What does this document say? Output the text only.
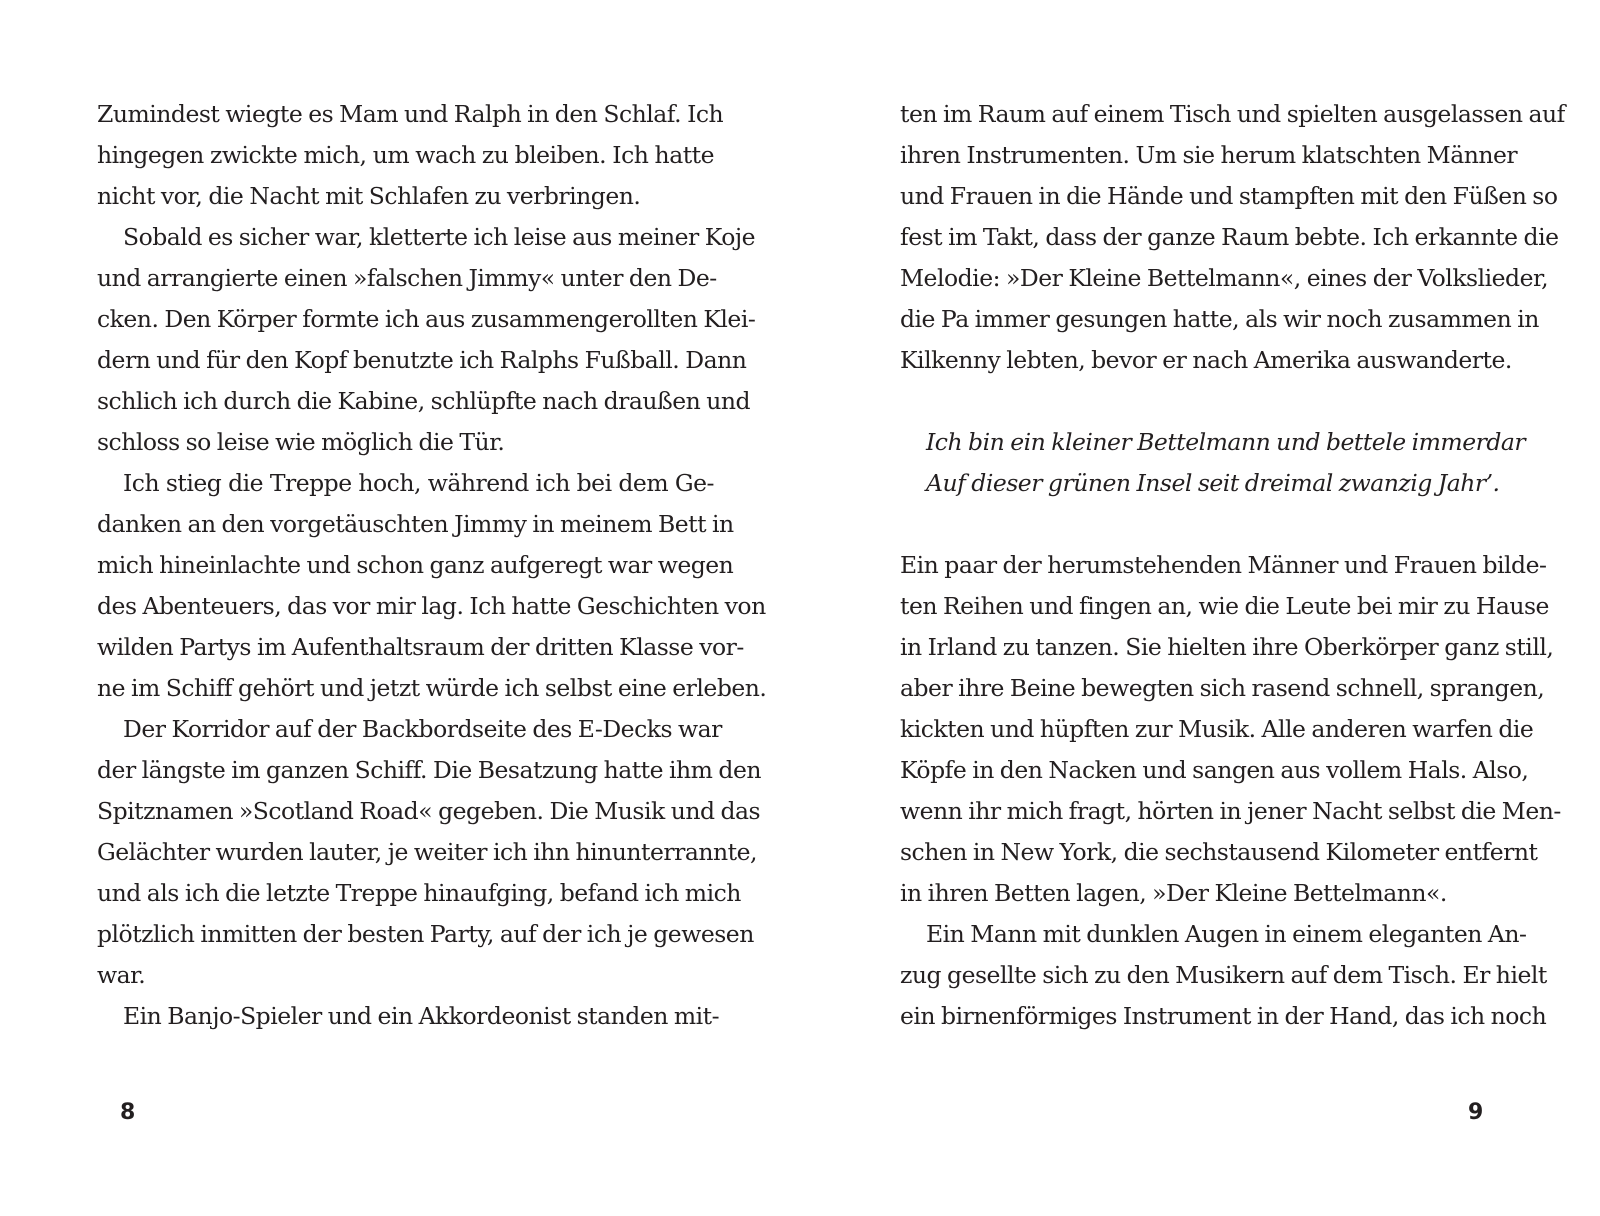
Zumindest wiegte es Mam und Ralph in den Schlaf. Ich
hingegen zwickte mich, um wach zu bleiben. Ich hatte
nicht vor, die Nacht mit Schlafen zu verbringen.
Sobald es sicher war, kletterte ich leise aus meiner Koje
und arrangierte einen »falschen Jimmy« unter den De-
cken. Den Körper formte ich aus zusammengerollten Klei-
dern und für den Kopf benutzte ich Ralphs Fußball. Dann
schlich ich durch die Kabine, schlüpfte nach draußen und
schloss so leise wie möglich die Tür.
Ich stieg die Treppe hoch, während ich bei dem Ge-
danken an den vorgetäuschten Jimmy in meinem Bett in
mich hineinlachte und schon ganz aufgeregt war wegen
des Abenteuers, das vor mir lag. Ich hatte Geschichten von
wilden Partys im Aufenthaltsraum der dritten Klasse vor-
ne im Schiff gehört und jetzt würde ich selbst eine erleben.
Der Korridor auf der Backbordseite des E-Decks war
der längste im ganzen Schiff. Die Besatzung hatte ihm den
Spitznamen »Scotland Road« gegeben. Die Musik und das
Gelächter wurden lauter, je weiter ich ihn hinunterrannte,
und als ich die letzte Treppe hinaufging, befand ich mich
plötzlich inmitten der besten Party, auf der ich je gewesen
war.
Ein Banjo-Spieler und ein Akkordeonist standen mit-
8
ten im Raum auf einem Tisch und spielten ausgelassen auf
ihren Instrumenten. Um sie herum klatschten Männer
und Frauen in die Hände und stampften mit den Füßen so
fest im Takt, dass der ganze Raum bebte. Ich erkannte die
Melodie: »Der Kleine Bettelmann«, eines der Volkslieder,
die Pa immer gesungen hatte, als wir noch zusammen in
Kilkenny lebten, bevor er nach Amerika auswanderte.
Ich bin ein kleiner Bettelmann und bettele immerdar
Auf dieser grünen Insel seit dreimal zwanzig Jahr’.
Ein paar der herumstehenden Männer und Frauen bilde-
ten Reihen und fingen an, wie die Leute bei mir zu Hause
in Irland zu tanzen. Sie hielten ihre Oberkörper ganz still,
aber ihre Beine bewegten sich rasend schnell, sprangen,
kickten und hüpften zur Musik. Alle anderen warfen die
Köpfe in den Nacken und sangen aus vollem Hals. Also,
wenn ihr mich fragt, hörten in jener Nacht selbst die Men-
schen in New York, die sechstausend Kilometer entfernt
in ihren Betten lagen, »Der Kleine Bettelmann«.
Ein Mann mit dunklen Augen in einem eleganten An-
zug gesellte sich zu den Musikern auf dem Tisch. Er hielt
ein birnenförmiges Instrument in der Hand, das ich noch
9
